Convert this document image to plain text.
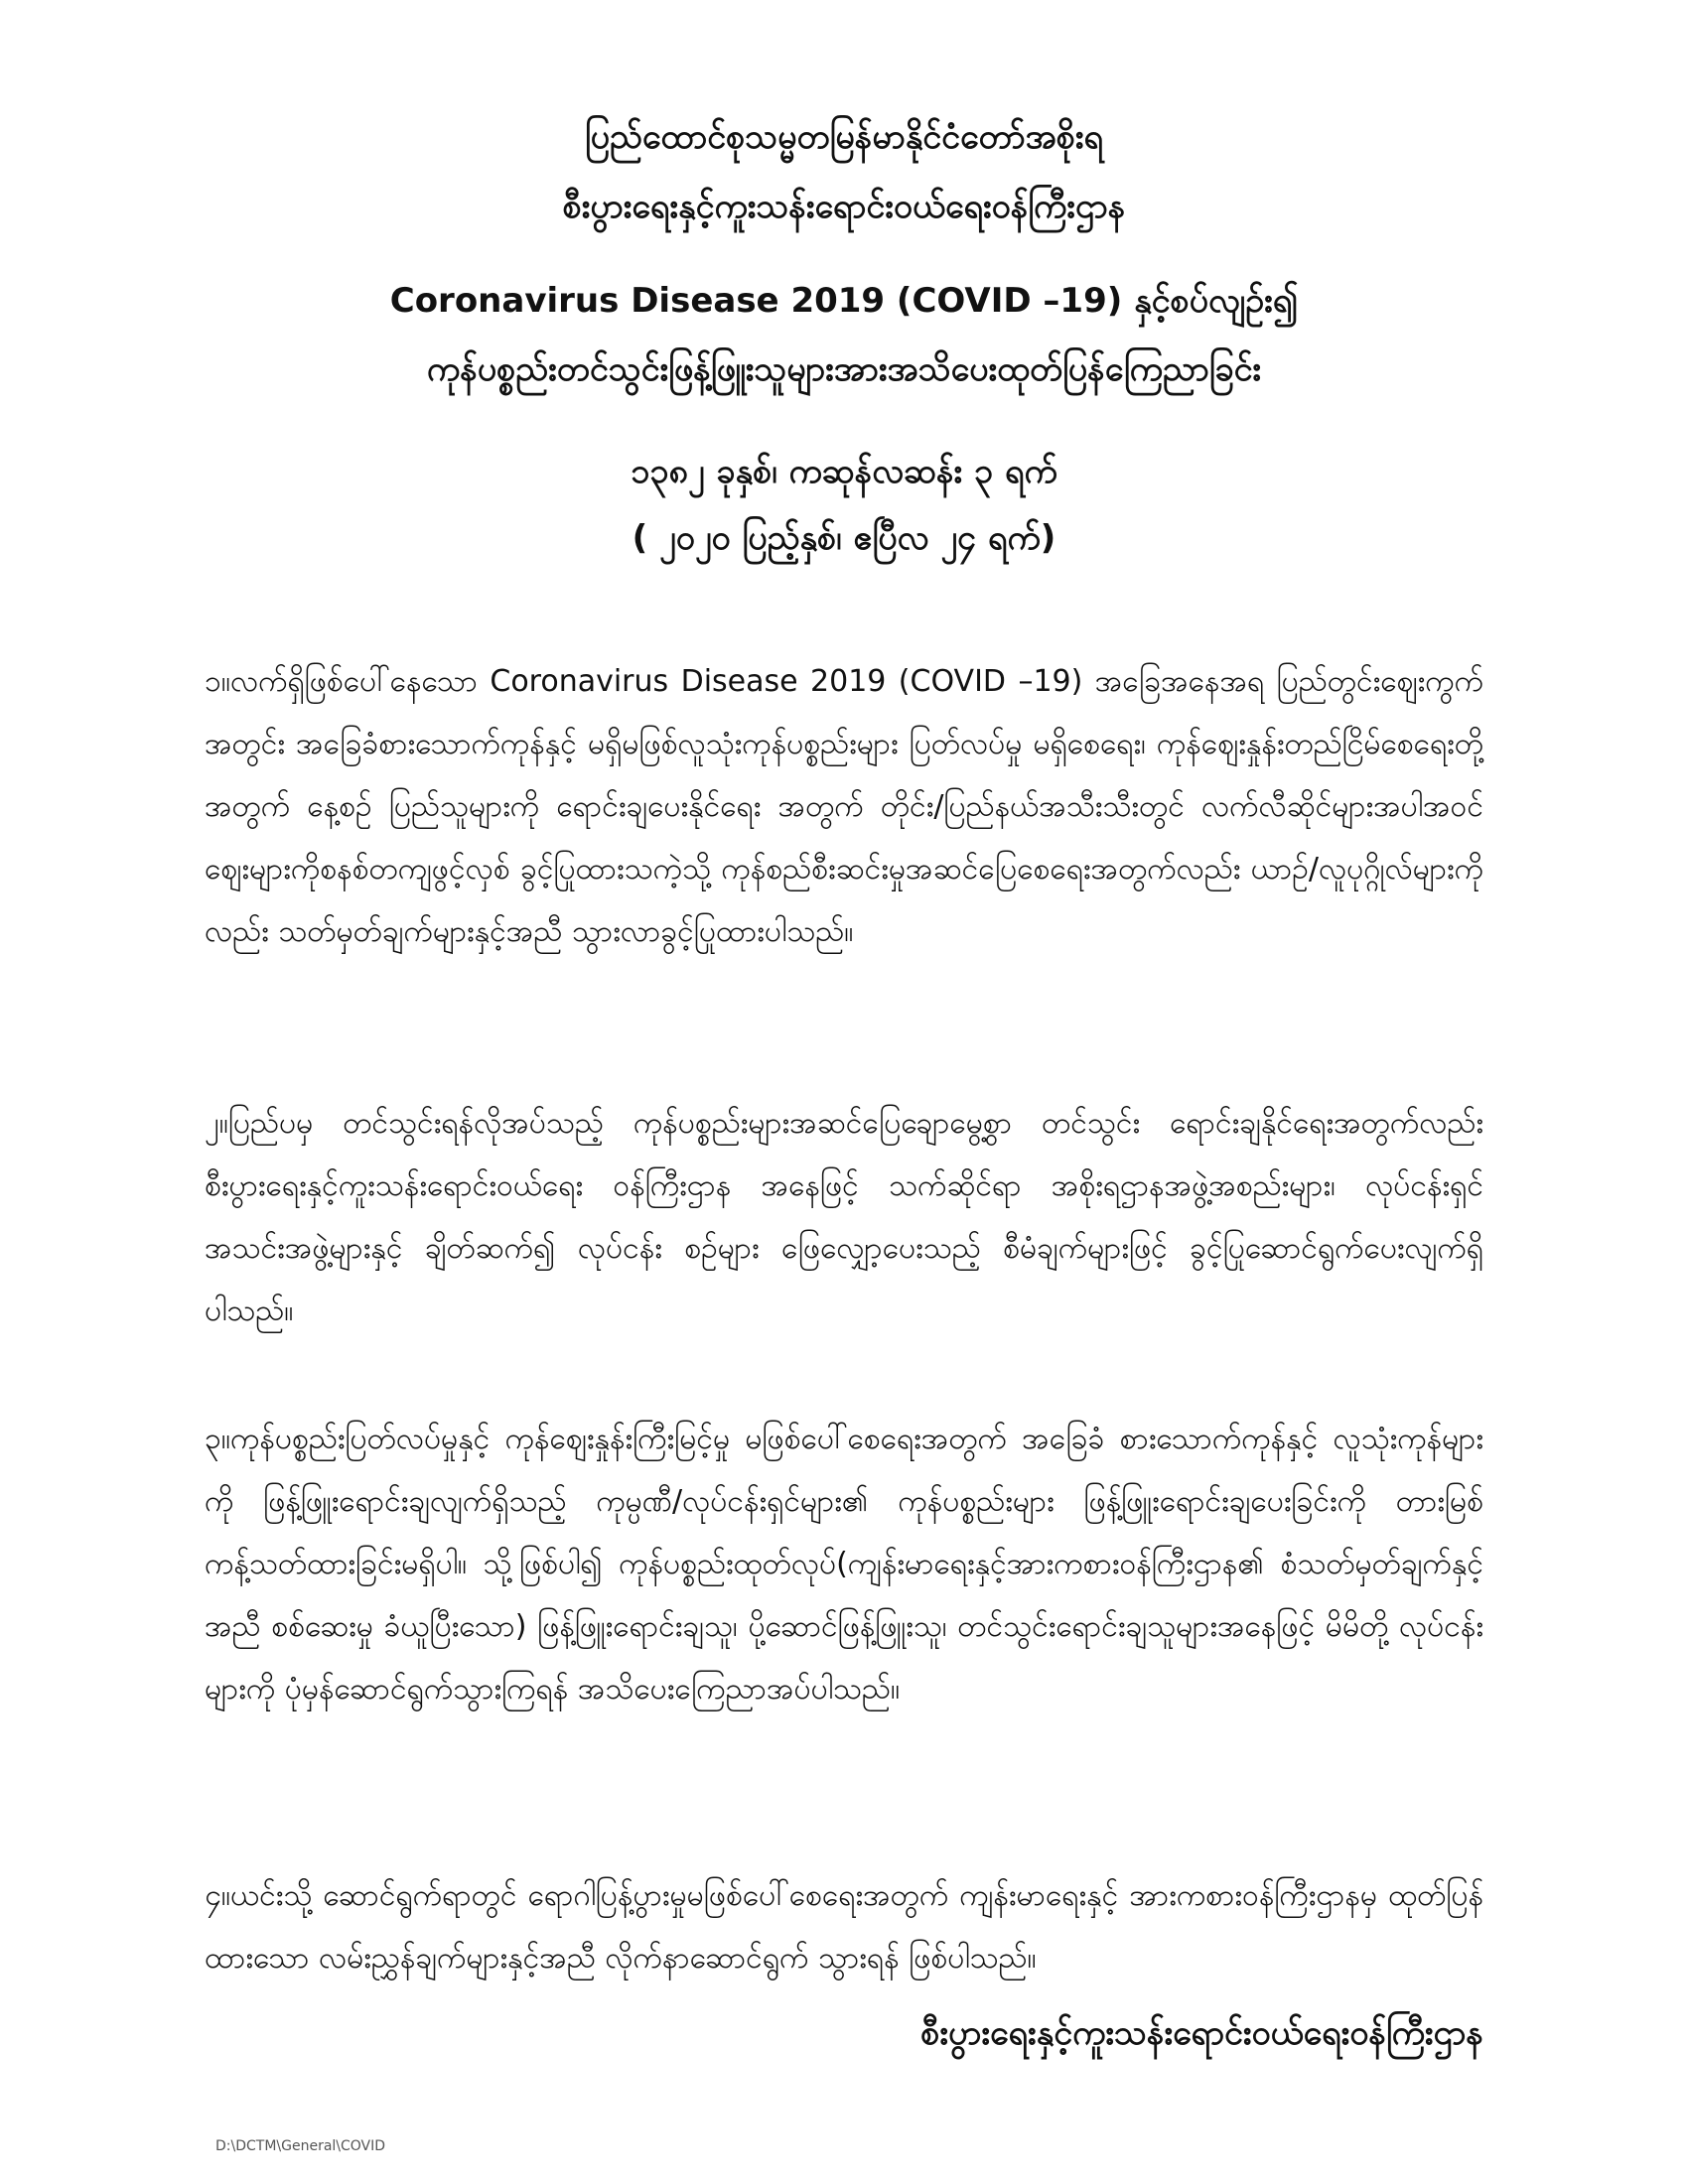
ပြည်ထောင်စုသမ္မတမြန်မာနိုင်ငံတော်အစိုးရ
စီးပွားရေးနှင့်ကူးသန်းရောင်းဝယ်ရေးဝန်ကြီးဌာန
Coronavirus Disease 2019 (COVID –19) နှင့်စပ်လျဉ်း၍
ကုန်ပစ္စည်းတင်သွင်းဖြန့်ဖြူးသူများအားအသိပေးထုတ်ပြန်ကြေညာခြင်း
၁၃၈၂ ခုနှစ်၊ ကဆုန်လဆန်း ၃ ရက်
( ၂၀၂၀ ပြည့်နှစ်၊ ဧပြီလ ၂၄ ရက်)
၁။လက်ရှိဖြစ်ပေါ်နေသော Coronavirus Disease 2019 (COVID –19) အခြေအနေအရ ပြည်တွင်းဈေးကွက်အတွင်း အခြေခံစားသောက်ကုန်နှင့် မရှိမဖြစ်လူသုံးကုန်ပစ္စည်းများ ပြတ်လပ်မှု မရှိစေရေး၊ ကုန်ဈေးနှုန်းတည်ငြိမ်စေရေးတို့အတွက် နေ့စဉ် ပြည်သူများကို ရောင်းချပေးနိုင်ရေး အတွက် တိုင်း/ပြည်နယ်အသီးသီးတွင် လက်လီဆိုင်များအပါအဝင် ဈေးများကိုစနစ်တကျဖွင့်လှစ် ခွင့်ပြုထားသကဲ့သို့ ကုန်စည်စီးဆင်းမှုအဆင်ပြေစေရေးအတွက်လည်း ယာဉ်/လူပုဂ္ဂိုလ်များကိုလည်း သတ်မှတ်ချက်များနှင့်အညီ သွားလာခွင့်ပြုထားပါသည်။
၂။ပြည်ပမှ တင်သွင်းရန်လိုအပ်သည့် ကုန်ပစ္စည်းများအဆင်ပြေချောမွေ့စွာ တင်သွင်း ရောင်းချနိုင်ရေးအတွက်လည်း စီးပွားရေးနှင့်ကူးသန်းရောင်းဝယ်ရေး ဝန်ကြီးဌာန အနေဖြင့် သက်ဆိုင်ရာ အစိုးရဌာနအဖွဲ့အစည်းများ၊ လုပ်ငန်းရှင်အသင်းအဖွဲ့များနှင့် ချိတ်ဆက်၍ လုပ်ငန်း စဉ်များ ဖြေလျှော့ပေးသည့် စီမံချက်များဖြင့် ခွင့်ပြုဆောင်ရွက်ပေးလျက်ရှိပါသည်။
၃။ကုန်ပစ္စည်းပြတ်လပ်မှုနှင့် ကုန်ဈေးနှုန်းကြီးမြင့်မှု မဖြစ်ပေါ်စေရေးအတွက် အခြေခံ စားသောက်ကုန်နှင့် လူသုံးကုန်များကို ဖြန့်ဖြူးရောင်းချလျက်ရှိသည့် ကုမ္ပဏီ/လုပ်ငန်းရှင်များ၏ ကုန်ပစ္စည်းများ ဖြန့်ဖြူးရောင်းချပေးခြင်းကို တားမြစ်ကန့်သတ်ထားခြင်းမရှိပါ။ သို့ဖြစ်ပါ၍ ကုန်ပစ္စည်းထုတ်လုပ်(ကျန်းမာရေးနှင့်အားကစားဝန်ကြီးဌာန၏ စံသတ်မှတ်ချက်နှင့်အညီ စစ်ဆေးမှု ခံယူပြီးသော) ဖြန့်ဖြူးရောင်းချသူ၊ ပို့ဆောင်ဖြန့်ဖြူးသူ၊ တင်သွင်းရောင်းချသူများအနေဖြင့် မိမိတို့ လုပ်ငန်းများကို ပုံမှန်ဆောင်ရွက်သွားကြရန် အသိပေးကြေညာအပ်ပါသည်။
၄။ယင်းသို့ ဆောင်ရွက်ရာတွင် ရောဂါပြန့်ပွားမှုမဖြစ်ပေါ်စေရေးအတွက် ကျန်းမာရေးနှင့် အားကစားဝန်ကြီးဌာနမှ ထုတ်ပြန်ထားသော လမ်းညွှန်ချက်များနှင့်အညီ လိုက်နာဆောင်ရွက် သွားရန် ဖြစ်ပါသည်။
စီးပွားရေးနှင့်ကူးသန်းရောင်းဝယ်ရေးဝန်ကြီးဌာန
D:\DCTM\General\COVID
